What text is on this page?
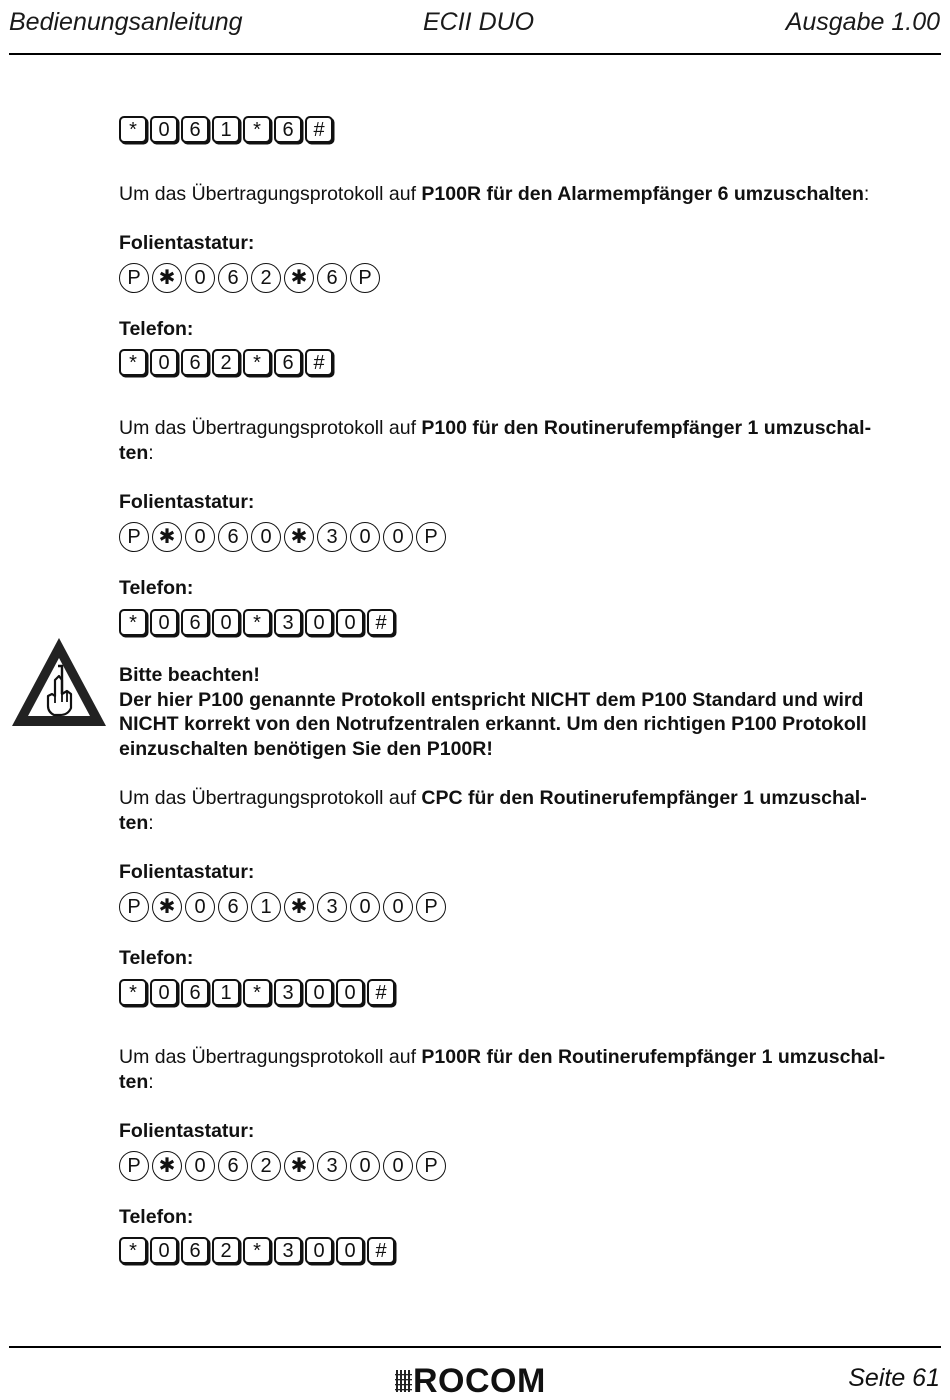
Bedienungsanleitung	ECII DUO	Ausgabe 1.00
*	0 6 1	*	6 #
Um das Übertragungsprotokoll auf P100R für den Alarmempfänger 6 umzuschalten:
Folientastatur:
P ✱ 0	6	2 ✱ 6	P
Telefon:
*	0 6 2	*	6 #
Um das Übertragungsprotokoll auf P100 für den Routinerufempfänger 1 umzuschal-
ten:
Folientastatur:
P ✱ 0	6	0 ✱ 3	0	0	P
Telefon:
*	0 6 0	*	3 0 0 #
Bitte beachten!
Der hier P100 genannte Protokoll entspricht NICHT dem P100 Standard und wird
NICHT korrekt von den Notrufzentralen erkannt. Um den richtigen P100 Protokoll
einzuschalten benötigen Sie den P100R!
Um das Übertragungsprotokoll auf CPC für den Routinerufempfänger 1 umzuschal-
ten:
Folientastatur:
P ✱ 0	6	1 ✱ 3	0	0	P
Telefon:
*	0 6 1	*	3 0 0 #
Um das Übertragungsprotokoll auf P100R für den Routinerufempfänger 1 umzuschal-
ten:
Folientastatur:
P ✱ 0	6	2 ✱ 3	0	0	P
Telefon:
*	0 6 2	*	3 0 0 #
ROCOM	Seite 61
